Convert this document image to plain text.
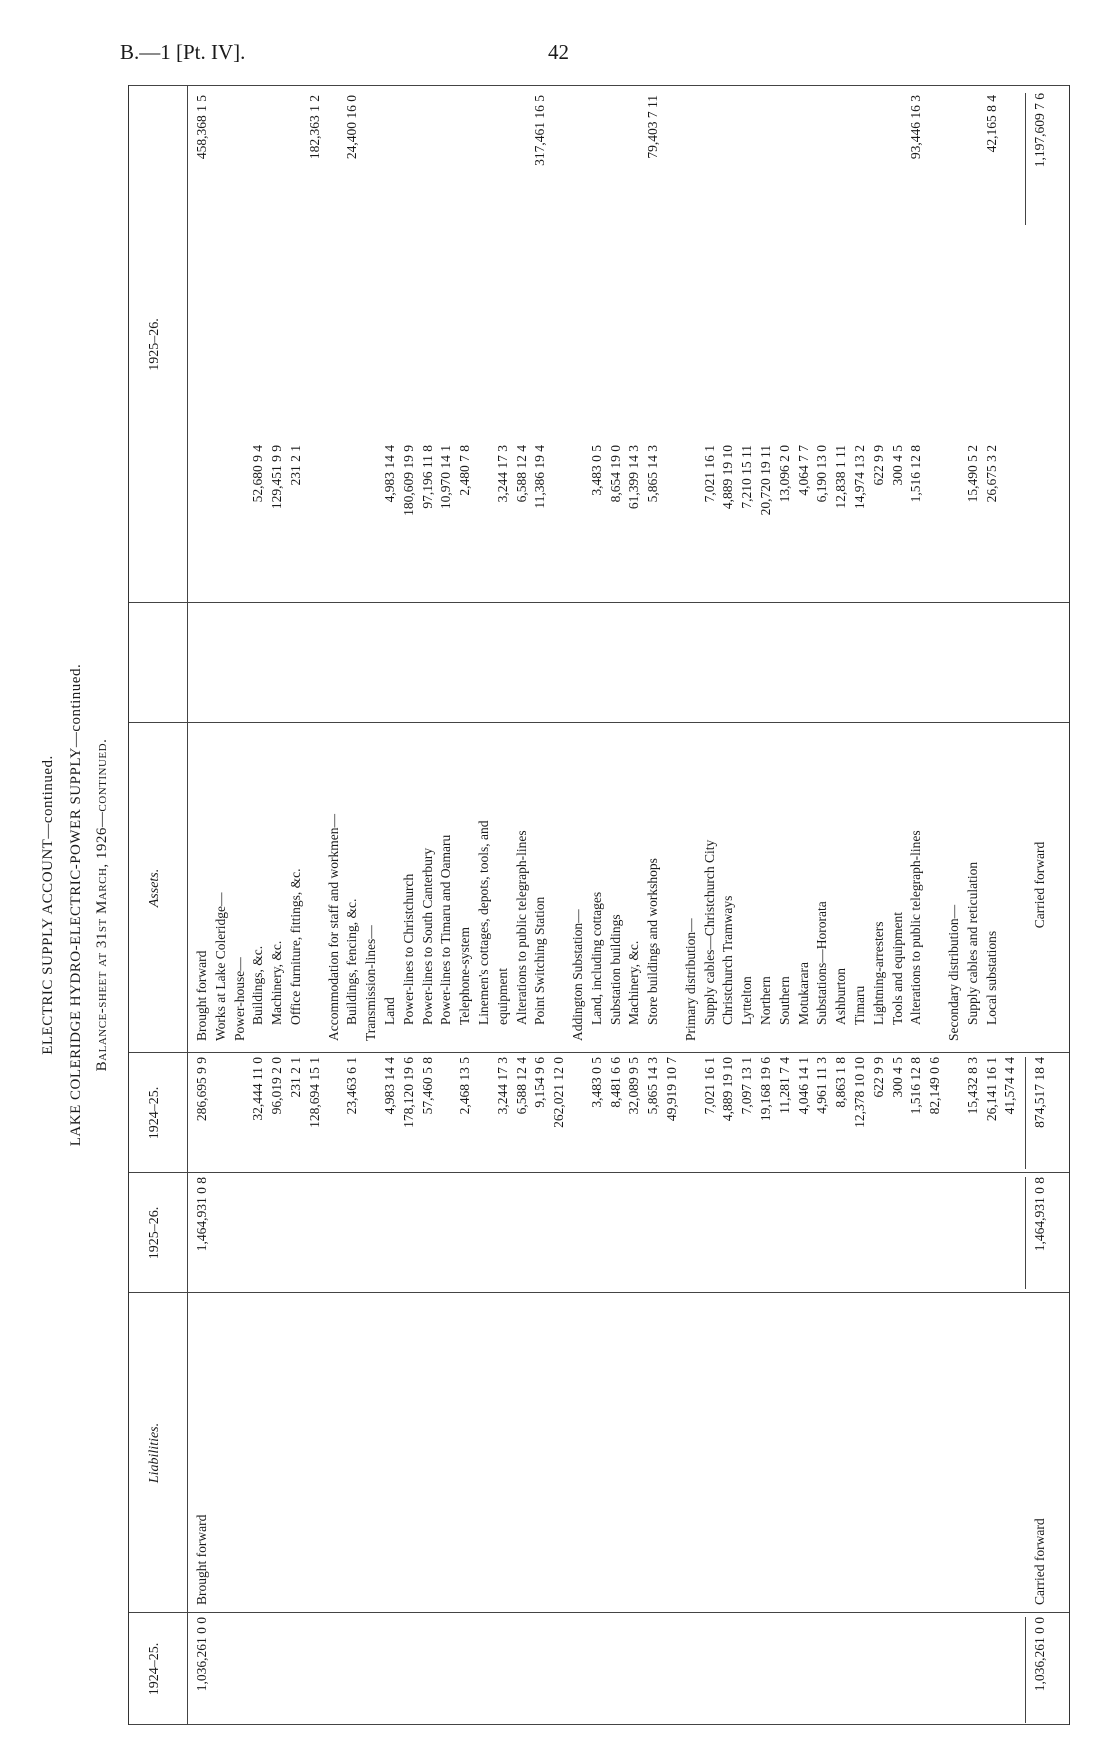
B.—1 [Pt. IV].	42
ELECTRIC SUPPLY ACCOUNT—continued. LAKE COLERIDGE HYDRO-ELECTRIC-POWER SUPPLY—continued. Balance-sheet at 31st March, 1926—continued.
1924–25.
Liabilities.
1925–26.
1924–25.
Assets.
1925–26.
1,036,261 0 0
Brought forward
1,464,931 0 8
1,036,261 0 0
Carried forward
1,464,931 0 8
286,695 9 9
Brought forward
458,368 1 5
Works at Lake Coleridge— Power-house—
32,444 11 0
Buildings, &c.
52,680 9 4
96,019 2 0
Machinery, &c.
129,451 9 9
231 2 1
Office furniture, fittings, &c.
231 2 1
128,694 15 1
182,363 1 2
Accommodation for staff and workmen—
23,463 6 1
Buildings, fencing, &c.
24,400 16 0
Transmission-lines—
4,983 14 4
Land
4,983 14 4
178,120 19 6
Power-lines to Christchurch
180,609 19 9
57,460 5 8
Power-lines to South Canterbury
97,196 11 8
Power-lines to Timaru and Oamaru
10,970 14 1
2,468 13 5
Telephone-system
2,480 7 8
Linemen's cottages, depots, tools, and
3,244 17 3
equipment
3,244 17 3
6,588 12 4
Alterations to public telegraph-lines
6,588 12 4
9,154 9 6
Point Switching Station
11,386 19 4
317,461 16 5
262,021 12 0
Addington Substation—
3,483 0 5
Land, including cottages
3,483 0 5
8,481 6 6
Substation buildings
8,654 19 0
32,089 9 5
Machinery, &c.
61,399 14 3
5,865 14 3
Store buildings and workshops
5,865 14 3
79,403 7 11
49,919 10 7
Primary distribution—
7,021 16 1
Supply cables—Christchurch City
7,021 16 1
4,889 19 10
Christchurch Tramways
4,889 19 10
7,097 13 1
Lyttelton
7,210 15 11
19,168 19 6
Northern
20,720 19 11
11,281 7 4
Southern
13,096 2 0
4,046 14 1
Motukarara
4,064 7 7
4,961 11 3
Substations—Hororata
6,190 13 0
8,863 1 8
Ashburton
12,838 1 11
12,378 10 10
Timaru
14,974 13 2
622 9 9
Lightning-arresters
622 9 9
300 4 5
Tools and equipment
300 4 5
1,516 12 8
Alterations to public telegraph-lines
1,516 12 8
93,446 16 3
82,149 0 6
Secondary distribution—
15,432 8 3
Supply cables and reticulation
15,490 5 2
26,141 16 1
Local substations
26,675 3 2
42,165 8 4
41,574 4 4 874,517 18 4
Carried forward
1,197,609 7 6
